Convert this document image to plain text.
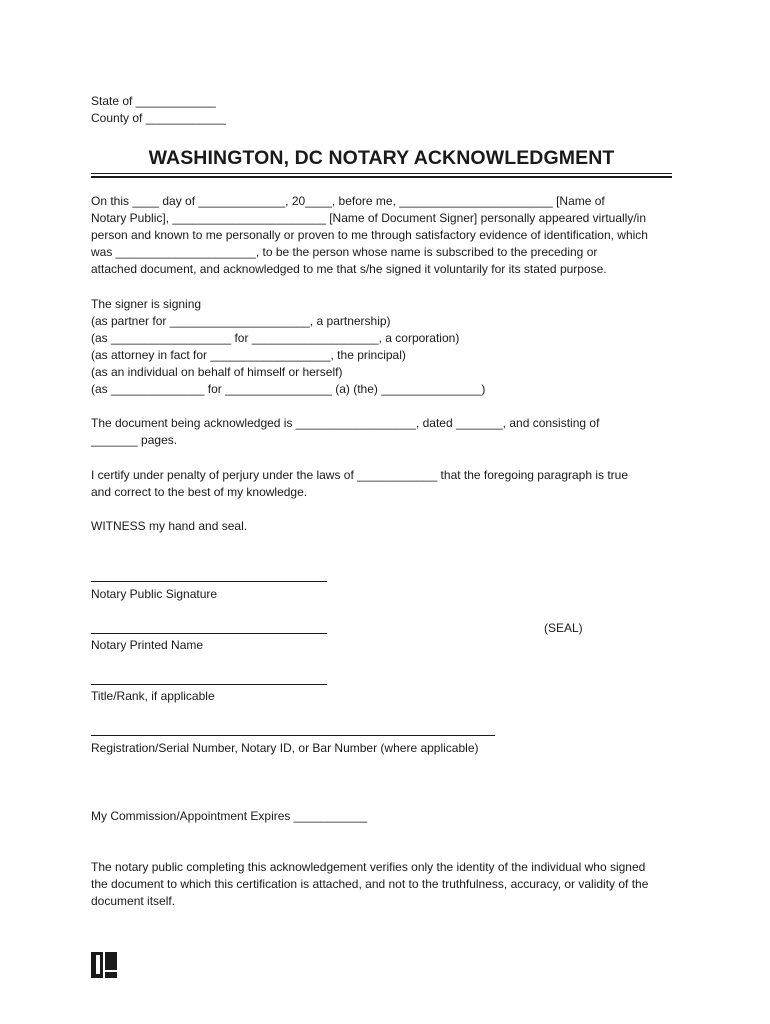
State of ____________
County of ____________
WASHINGTON, DC NOTARY ACKNOWLEDGMENT
On this ____ day of _____________, 20____, before me, _______________________ [Name of
Notary Public], _______________________ [Name of Document Signer] personally appeared virtually/in
person and known to me personally or proven to me through satisfactory evidence of identification, which
was _____________________, to be the person whose name is subscribed to the preceding or
attached document, and acknowledged to me that s/he signed it voluntarily for its stated purpose.
The signer is signing
(as partner for _____________________, a partnership)
(as __________________ for ___________________, a corporation)
(as attorney in fact for __________________, the principal)
(as an individual on behalf of himself or herself)
(as ______________ for ________________ (a) (the) _______________)
The document being acknowledged is __________________, dated _______, and consisting of
_______ pages.
I certify under penalty of perjury under the laws of ____________ that the foregoing paragraph is true
and correct to the best of my knowledge.
WITNESS my hand and seal.
Notary Public Signature
Notary Printed Name
(SEAL)
Title/Rank, if applicable
Registration/Serial Number, Notary ID, or Bar Number (where applicable)
My Commission/Appointment Expires ___________
The notary public completing this acknowledgement verifies only the identity of the individual who signed
the document to which this certification is attached, and not to the truthfulness, accuracy, or validity of the
document itself.
